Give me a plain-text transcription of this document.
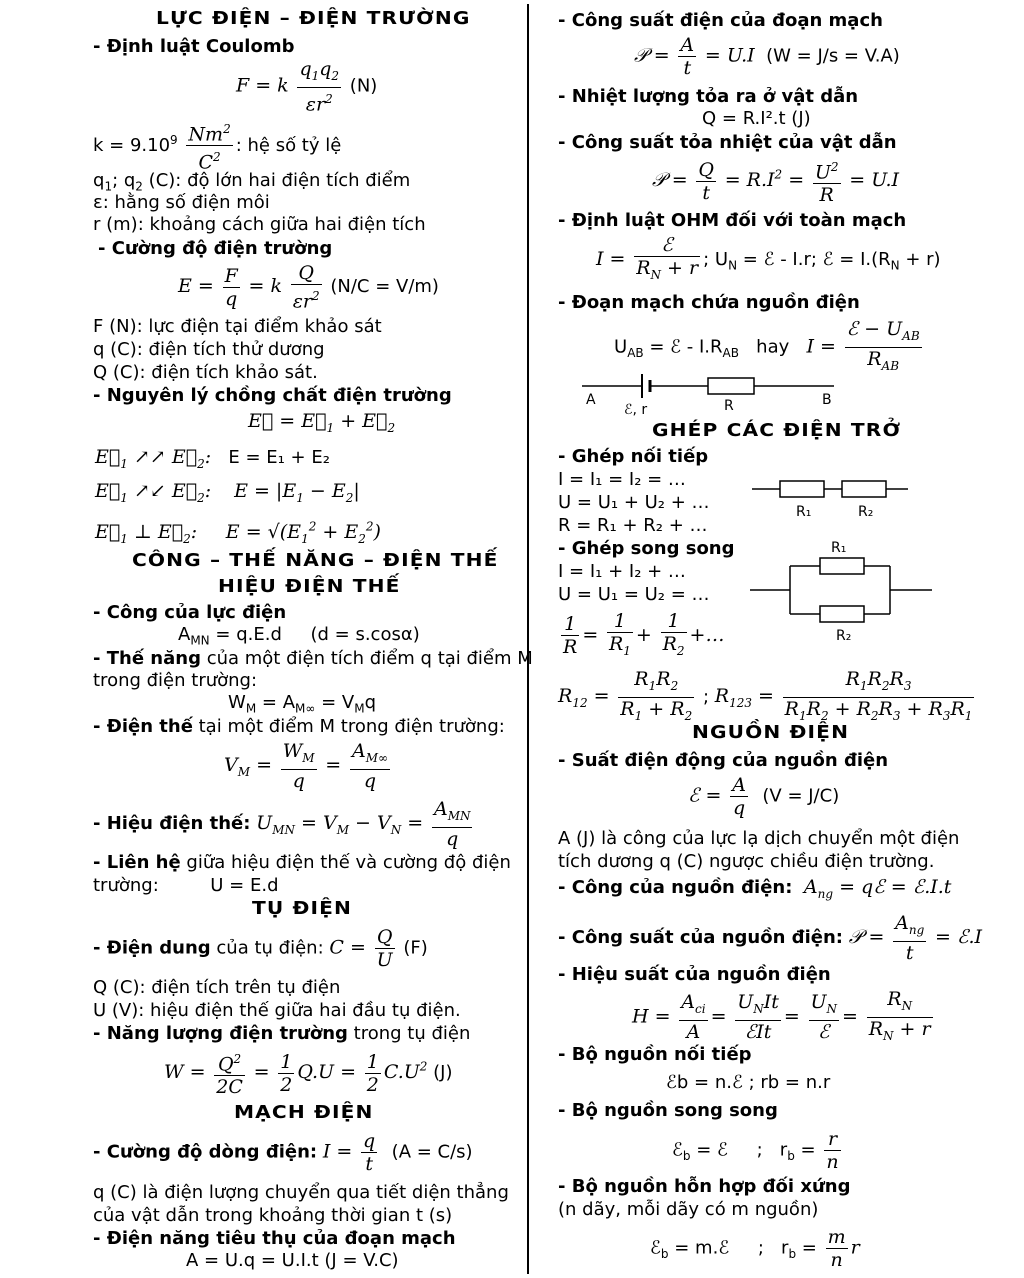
LỰC ĐIỆN – ĐIỆN TRƯỜNG
- Định luật Coulomb
F = k $\frac{q_1q_2}{\varepsilon r^2} (N)$
$k = 9.10^9 \frac{Nm^2}{C^2}$ : hệ số tỷ lệ
$q_1$; $q_2$ (C): độ lớn hai điện tích điểm
ε: hằng số điện môi
r (m): khoảng cách giữa hai điện tích
- Cường độ điện trường
$E = \frac{F}{q} = k \frac{Q}{\varepsilon r^2} (N/C = V/m)$
F (N): lực điện tại điểm khảo sát
q (C): điện tích thử dương
Q (C): điện tích khảo sát.
- Nguyên lý chồng chất điện trường
E⃗ = $E⃗_1$ + $E⃗_2$
$E⃗_1$ ↗↗ $E⃗_2$: E = E₁ + E₂
$E⃗_1$ ↗↙ $E⃗_2$: $E = |E_1 - E_2|$
$E⃗_1$ ⊥ $E⃗_2$: $E = √(E_1^2 + E_2^2)$
CÔNG – THẾ NĂNG – ĐIỆN THẾ
HIỆU ĐIỆN THẾ
- Công của lực điện
$A_{MN} = q.E.d$     (d = s.cosα)
- Thế năng của một điện tích điểm q tại điểm M
trong điện trường:
$W_M = A_{M\infty} = V_Mq$
- Điện thế tại một điểm M trong điện trường:
$V_M = \frac{W_M}{q} = \frac{A_{M\infty}}{q}$
- Hiệu điện thế: $U_{MN} = V_M - V_N$ =
$A_{MN}$
q
- Liên hệ giữa hiệu điện thế và cường độ điện
trường:	U = E.d
TỤ ĐIỆN
- Điện dung của tụ điện: $C = \frac{Q}{U} (F)$
Q (C): điện tích trên tụ điện
U (V): hiệu điện thế giữa hai đầu tụ điện.
- Năng lượng điện trường trong tụ điện
$W = \frac{Q^2}{2C} = \frac{1}{2} Q.U = \frac{1}{2} C.U^2$ (J)
MẠCH ĐIỆN
- Cường độ dòng điện: $I = \frac{q}{t} (A = C/s)$
q (C) là điện lượng chuyển qua tiết diện thẳng
của vật dẫn trong khoảng thời gian t (s)
- Điện năng tiêu thụ của đoạn mạch
A = U.q = U.I.t (J = V.C)
- Công suất điện của đoạn mạch
𝒫 = $\frac{A}{t} = U.I$ (W = J/s = V.A)
- Nhiệt lượng tỏa ra ở vật dẫn
Q = R.I².t (J)
- Công suất tỏa nhiệt của vật dẫn
𝒫 = $\frac{Q}{t} = R.I^2 = \frac{U^2}{R} = U.I$
- Định luật OHM đối với toàn mạch
I =
ℰ
$R_N + r$ ; $U_N$ = ℰ - I.r; ℰ = $I.(R_N + r)$
- Đoạn mạch chứa nguồn điện
$U_{AB}$ = ℰ - $I.R_{AB}$ hay I =
ℰ − $U_{AB}$
$R_{AB}$
A	B
R
ℰ, r
R₁	R₂
R₁
R₂
GHÉP CÁC ĐIỆN TRỞ
- Ghép nối tiếp
I = I₁ = I₂ = …
U = U₁ + U₂ + …
R = R₁ + R₂ + …
- Ghép song song
I = I₁ + I₂ + …
U = U₁ = U₂ = …
$\frac{1}{R} = \frac{1}{R_1} + \frac{1}{R_2}$ +…
$R_{12} = \frac{R_1R_2}{R_1 + R_2}$ ; $R_{123} = \frac{R_1R_2R_3}{R_1R_2 + R_2R_3 + R_3R_1}$
NGUỒN ĐIỆN
- Suất điện động của nguồn điện
ℰ = $\frac{A}{q} (V = J/C)$
A (J) là công của lực lạ dịch chuyển một điện
tích dương q (C) ngược chiều điện trường.
- Công của nguồn điện: $A_{ng}$ = qℰ = ℰ.I.t
- Công suất của nguồn điện: 𝒫 =
$A_{ng}$
t
= ℰ.I
- Hiệu suất của nguồn điện
H =
$A_{ci}$
A
=
$U_NIt$
ℰIt
=
$U_N$
ℰ
= $\frac{R_N}{R_N + r}$
- Bộ nguồn nối tiếp
ℰb = n.ℰ ; rb = n.r
- Bộ nguồn song song
ℰ$_b$ = ℰ     ;   $r_b = \frac{r}{n}$
- Bộ nguồn hỗn hợp đối xứng
(n dãy, mỗi dãy có m nguồn)
ℰ$_b$ = m.ℰ     ;   $r_b = \frac{m}{n}$ r
